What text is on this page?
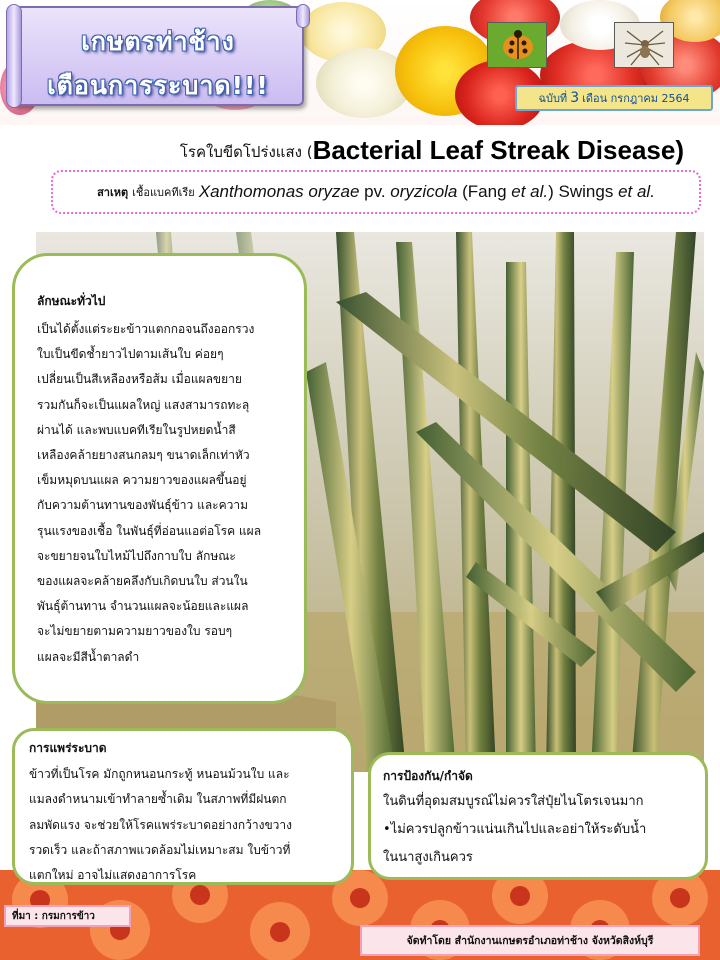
เกษตรท่าช้าง
เตือนการระบาด!!!	ฉบับที่ 3 เดือน กรกฎาคม 2564
โรคใบขีดโปร่งแสง (Bacterial Leaf Streak Disease)
สาเหตุ เชื้อแบคทีเรีย Xanthomonas oryzae pv. oryzicola (Fang et al.) Swings et al.
ลักษณะทั่วไป
เป็นได้ตั้งแต่ระยะข้าวแตกกอจนถึงออกรวง
ใบเป็นขีดช้ำยาวไปตามเส้นใบ ค่อยๆ
เปลี่ยนเป็นสีเหลืองหรือส้ม เมื่อแผลขยาย
รวมกันก็จะเป็นแผลใหญ่ แสงสามารถทะลุ
ผ่านได้ และพบแบคทีเรียในรูปหยดน้ำสี
เหลืองคล้ายยางสนกลมๆ ขนาดเล็กเท่าหัว
เข็มหมุดบนแผล ความยาวของแผลขึ้นอยู่
กับความต้านทานของพันธุ์ข้าว และความ
รุนแรงของเชื้อ ในพันธุ์ที่อ่อนแอต่อโรค แผล
จะขยายจนใบไหม้ไปถึงกาบใบ ลักษณะ
ของแผลจะคล้ายคลึงกับเกิดบนใบ ส่วนใน
พันธุ์ต้านทาน จำนวนแผลจะน้อยและแผล
จะไม่ขยายตามความยาวของใบ รอบๆ
แผลจะมีสีน้ำตาลดำ
การแพร่ระบาด
ข้าวที่เป็นโรค มักถูกหนอนกระทู้ หนอนม้วนใบ และ
แมลงดำหนามเข้าทำลายซ้ำเดิม ในสภาพที่มีฝนตก
ลมพัดแรง จะช่วยให้โรคแพร่ระบาดอย่างกว้างขวาง
รวดเร็ว และถ้าสภาพแวดล้อมไม่เหมาะสม ใบข้าวที่
แตกใหม่ อาจไม่แสดงอาการโรค
การป้องกัน/กำจัด
ในดินที่อุดมสมบูรณ์ไม่ควรใส่ปุ๋ยไนโตรเจนมาก
•ไม่ควรปลูกข้าวแน่นเกินไปและอย่าให้ระดับน้ำ
ในนาสูงเกินควร
ที่มา : กรมการข้าว
จัดทำโดย สำนักงานเกษตรอำเภอท่าช้าง จังหวัดสิงห์บุรี
